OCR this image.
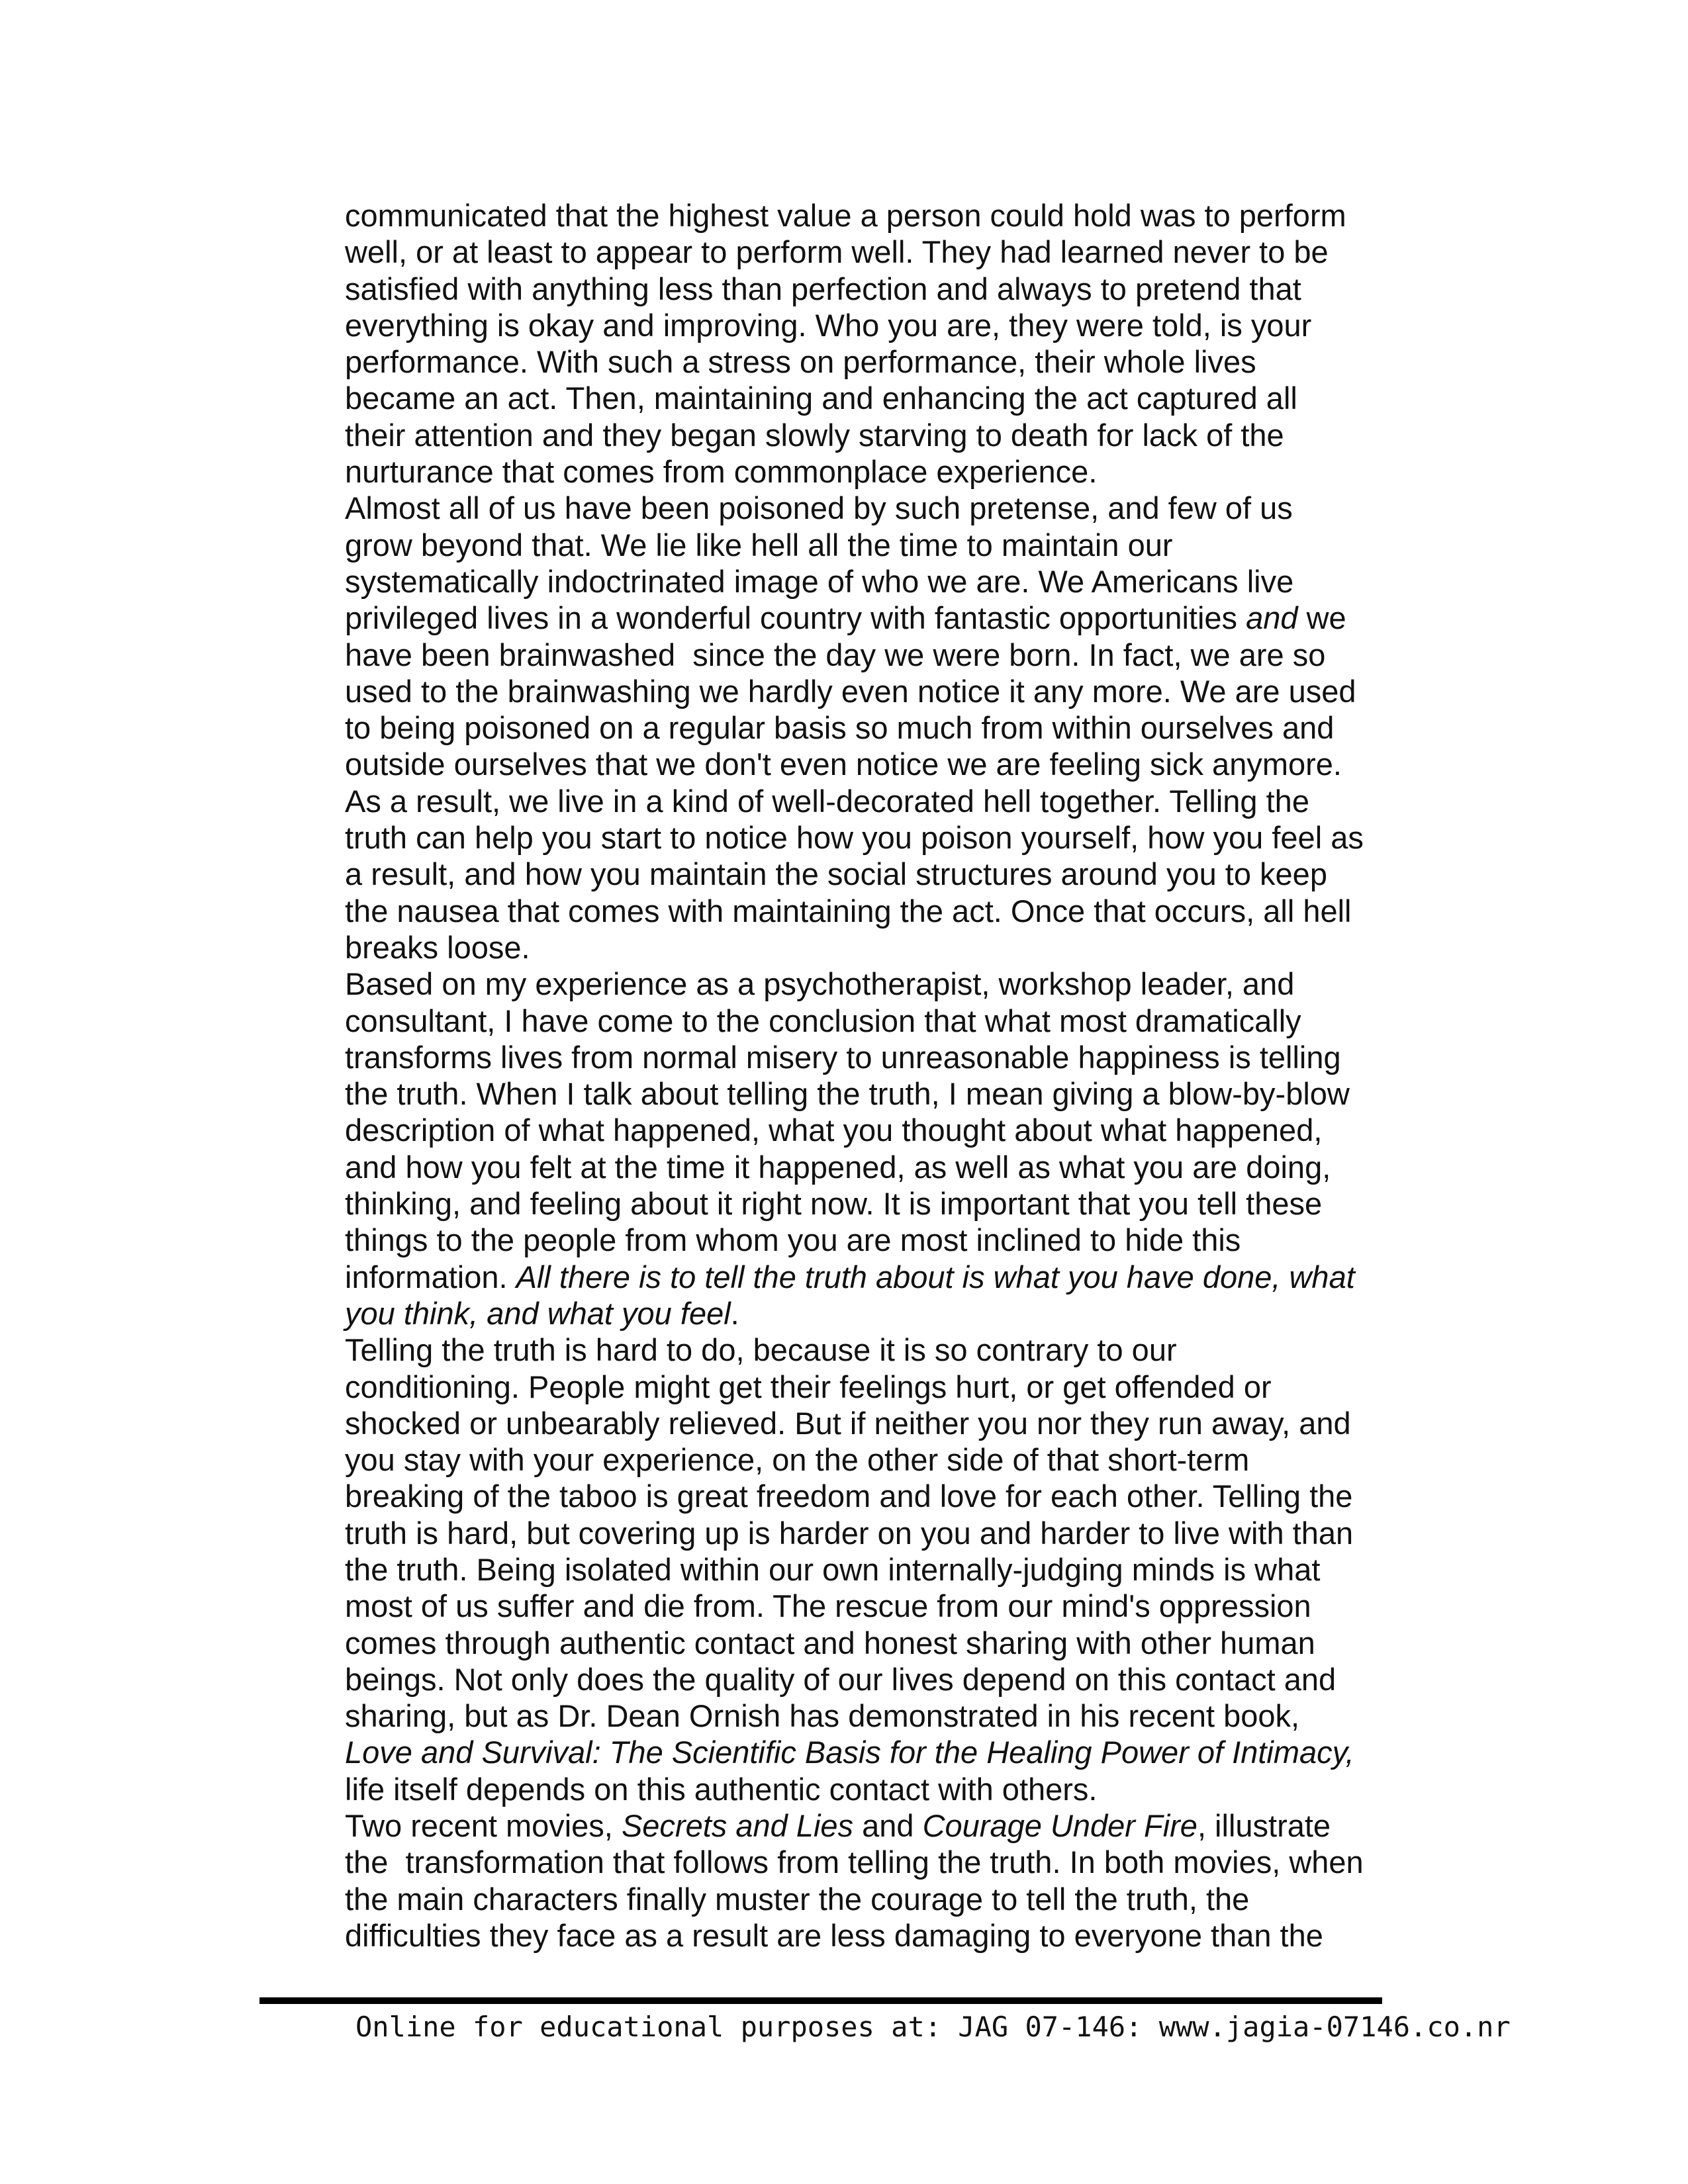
communicated that the highest value a person could hold was to perform
well, or at least to appear to perform well. They had learned never to be
satisfied with anything less than perfection and always to pretend that
everything is okay and improving. Who you are, they were told, is your
performance. With such a stress on performance, their whole lives
became an act. Then, maintaining and enhancing the act captured all
their attention and they began slowly starving to death for lack of the
nurturance that comes from commonplace experience.
Almost all of us have been poisoned by such pretense, and few of us
grow beyond that. We lie like hell all the time to maintain our
systematically indoctrinated image of who we are. We Americans live
privileged lives in a wonderful country with fantastic opportunities and we
have been brainwashed  since the day we were born. In fact, we are so
used to the brainwashing we hardly even notice it any more. We are used
to being poisoned on a regular basis so much from within ourselves and
outside ourselves that we don't even notice we are feeling sick anymore.
As a result, we live in a kind of well-decorated hell together. Telling the
truth can help you start to notice how you poison yourself, how you feel as
a result, and how you maintain the social structures around you to keep
the nausea that comes with maintaining the act. Once that occurs, all hell
breaks loose.
Based on my experience as a psychotherapist, workshop leader, and
consultant, I have come to the conclusion that what most dramatically
transforms lives from normal misery to unreasonable happiness is telling
the truth. When I talk about telling the truth, I mean giving a blow-by-blow
description of what happened, what you thought about what happened,
and how you felt at the time it happened, as well as what you are doing,
thinking, and feeling about it right now. It is important that you tell these
things to the people from whom you are most inclined to hide this
information. All there is to tell the truth about is what you have done, what
you think, and what you feel.
Telling the truth is hard to do, because it is so contrary to our
conditioning. People might get their feelings hurt, or get offended or
shocked or unbearably relieved. But if neither you nor they run away, and
you stay with your experience, on the other side of that short-term
breaking of the taboo is great freedom and love for each other. Telling the
truth is hard, but covering up is harder on you and harder to live with than
the truth. Being isolated within our own internally-judging minds is what
most of us suffer and die from. The rescue from our mind's oppression
comes through authentic contact and honest sharing with other human
beings. Not only does the quality of our lives depend on this contact and
sharing, but as Dr. Dean Ornish has demonstrated in his recent book,
Love and Survival: The Scientific Basis for the Healing Power of Intimacy,
life itself depends on this authentic contact with others.
Two recent movies, Secrets and Lies and Courage Under Fire, illustrate
the  transformation that follows from telling the truth. In both movies, when
the main characters finally muster the courage to tell the truth, the
difficulties they face as a result are less damaging to everyone than the
Online for educational purposes at: JAG 07-146: www.jagia-07146.co.nr
